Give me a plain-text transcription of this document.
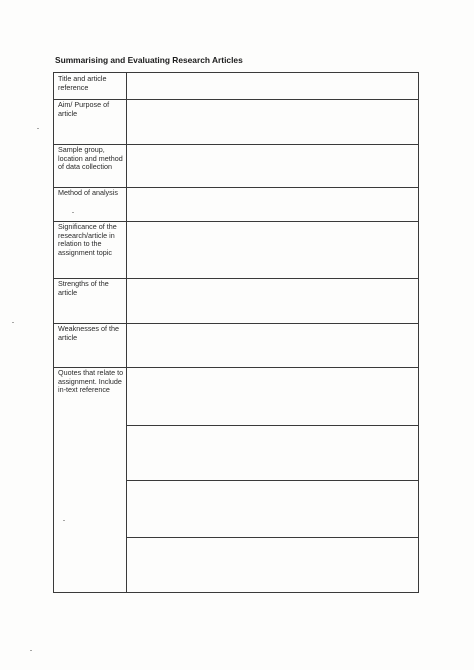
Summarising and Evaluating Research Articles
Title and article reference
Aim/ Purpose of article
Sample group, location and method of data collection
Method of analysis
Significance of the research/article in relation to the assignment topic
Strengths of the article
Weaknesses of the article
Quotes that relate to assignment. Include in-text reference
